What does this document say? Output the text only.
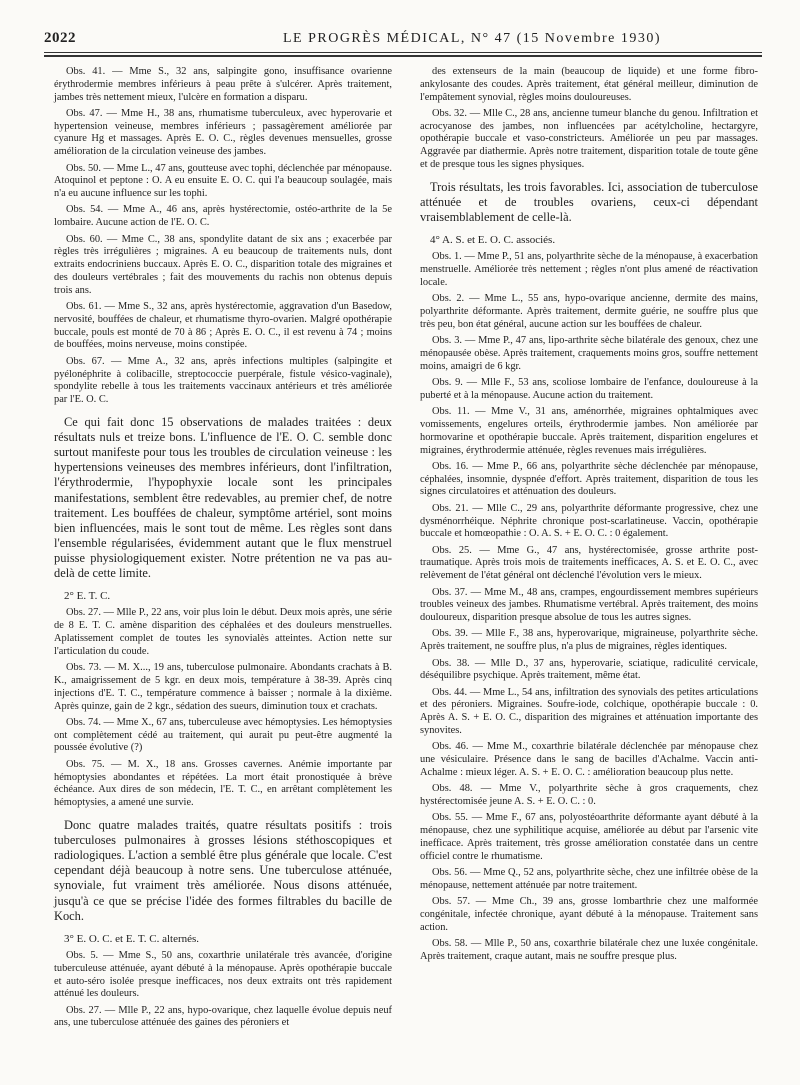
2022	LE PROGRÈS MÉDICAL, N° 47 (15 Novembre 1930)

Obs. 41. — Mme S., 32 ans, salpingite gono, insuffisance ovarienne érythrodermie membres inférieurs à peau prête à s'ulcérer. Après traitement, jambes très nettement mieux, l'ulcère en formation a disparu.

Obs. 47. — Mme H., 38 ans, rhumatisme tuberculeux, avec hyperovarie et hypertension veineuse, membres inférieurs ; passagèrement améliorée par cyanure Hg et massages. Après E. O. C., règles devenues mensuelles, grosse amélioration de la circulation veineuse des jambes.

Obs. 50. — Mme L., 47 ans, goutteuse avec tophi, déclenchée par ménopause. Atoquinol et peptone : O. A eu ensuite E. O. C. qui l'a beaucoup soulagée, mais n'a eu aucune influence sur les tophi.

Obs. 54. — Mme A., 46 ans, après hystérectomie, ostéo-arthrite de la 5e lombaire. Aucune action de l'E. O. C.

Obs. 60. — Mme C., 38 ans, spondylite datant de six ans ; exacerbée par règles très irrégulières ; migraines. A eu beaucoup de traitements nuls, dont extraits endocriniens buccaux. Après E. O. C., disparition totale des migraines et des douleurs vertébrales ; fait des mouvements du rachis non obtenus depuis trois ans.

Obs. 61. — Mme S., 32 ans, après hystérectomie, aggravation d'un Basedow, nervosité, bouffées de chaleur, et rhumatisme thyro-ovarien. Malgré opothérapie buccale, pouls est monté de 70 à 86 ; Après E. O. C., il est revenu à 74 ; moins de bouffées, moins nerveuse, moins constipée.

Obs. 67. — Mme A., 32 ans, après infections multiples (salpingite et pyélonéphrite à colibacille, streptococcie puerpérale, fistule vésico-vaginale), spondylite rebelle à tous les traitements vaccinaux antérieurs et très améliorée par l'E. O. C.

Ce qui fait donc 15 observations de malades traitées : deux résultats nuls et treize bons. L'influence de l'E. O. C. semble donc surtout manifeste pour tous les troubles de circulation veineuse : les hypertensions veineuses des membres inférieurs, dont l'infiltration, l'érythrodermie, l'hypophyxie locale sont les principales manifestations, semblent être redevables, au premier chef, de notre traitement. Les bouffées de chaleur, symptôme artériel, sont moins bien influencées, mais le sont tout de même. Les règles sont dans l'ensemble régularisées, évidemment autant que le flux menstruel puisse physiologiquement exister. Notre prétention ne va pas au-delà de cette limite.

2° E. T. C.

Obs. 27. — Mlle P., 22 ans, voir plus loin le début. Deux mois après, une série de 8 E. T. C. amène disparition des céphalées et des douleurs menstruelles. Aplatissement complet de toutes les synovialès atteintes. Action nette sur l'articulation du coude.

Obs. 73. — M. X..., 19 ans, tuberculose pulmonaire. Abondants crachats à B. K., amaigrissement de 5 kgr. en deux mois, température à 38-39. Après cinq injections d'E. T. C., température commence à baisser ; normale à la dixième. Après quinze, gain de 2 kgr., sédation des sueurs, diminution toux et crachats.

Obs. 74. — Mme X., 67 ans, tuberculeuse avec hémoptysies. Les hémoptysies ont complètement cédé au traitement, qui aurait pu peut-être augmenté la poussée évolutive (?)

Obs. 75. — M. X., 18 ans. Grosses cavernes. Anémie importante par hémoptysies abondantes et répétées. La mort était pronostiquée à brève échéance. Aux dires de son médecin, l'E. T. C., en arrêtant complètement les hémoptysies, a amené une survie.

Donc quatre malades traités, quatre résultats positifs : trois tuberculoses pulmonaires à grosses lésions stéthoscopiques et radiologiques. L'action a semblé être plus générale que locale. C'est cependant déjà beaucoup à notre sens. Une tuberculose atténuée, synoviale, fut vraiment très améliorée. Nous disons atténuée, jusqu'à ce que se précise l'idée des formes filtrables du bacille de Koch.

3° E. O. C. et E. T. C. alternés.

Obs. 5. — Mme S., 50 ans, coxarthrie unilatérale très avancée, d'origine tuberculeuse atténuée, ayant débuté à la ménopause. Après opothérapie buccale et auto-séro isolée presque inefficaces, nos deux extraits ont très rapidement atténué les douleurs.

Obs. 27. — Mlle P., 22 ans, hypo-ovarique, chez laquelle évolue depuis neuf ans, une tuberculose atténuée des gaines des péroniers et

des extenseurs de la main (beaucoup de liquide) et une forme fibro-ankylosante des coudes. Après traitement, état général meilleur, diminution de l'empâtement synovial, règles moins douloureuses.

Obs. 32. — Mlle C., 28 ans, ancienne tumeur blanche du genou. Infiltration et acrocyanose des jambes, non influencées par acétylcholine, hectargyre, opothérapie buccale et vaso-constricteurs. Améliorée un peu par massages. Aggravée par diathermie. Après notre traitement, disparition totale de toute gêne et de presque tous les signes physiques.

Trois résultats, les trois favorables. Ici, association de tuberculose atténuée et de troubles ovariens, ceux-ci dépendant vraisemblablement de celle-là.

4° A. S. et E. O. C. associés.

Obs. 1. — Mme P., 51 ans, polyarthrite sèche de la ménopause, à exacerbation menstruelle. Améliorée très nettement ; règles n'ont plus amené de réactivation locale.

Obs. 2. — Mme L., 55 ans, hypo-ovarique ancienne, dermite des mains, polyarthrite déformante. Après traitement, dermite guérie, ne souffre plus que très peu, bon état général, aucune action sur les bouffées de chaleur.

Obs. 3. — Mme P., 47 ans, lipo-arthrite sèche bilatérale des genoux, chez une ménopausée obèse. Après traitement, craquements moins gros, souffre nettement moins, amaigri de 6 kgr.

Obs. 9. — Mlle F., 53 ans, scoliose lombaire de l'enfance, douloureuse à la puberté et à la ménopause. Aucune action du traitement.

Obs. 11. — Mme V., 31 ans, aménorrhée, migraines ophtalmiques avec vomissements, engelures orteils, érythrodermie jambes. Non améliorée par hormovarine et opothérapie buccale. Après traitement, disparition engelures et migraines, érythrodermie atténuée, règles revenues mais irrégulières.

Obs. 16. — Mme P., 66 ans, polyarthrite sèche déclenchée par ménopause, céphalées, insomnie, dyspnée d'effort. Après traitement, disparition de tous les signes circulatoires et atténuation des douleurs.

Obs. 21. — Mlle C., 29 ans, polyarthrite déformante progressive, chez une dysménorrhéique. Néphrite chronique post-scarlatineuse. Vaccin, opothérapie buccale et homœopathie : O. A. S. + E. O. C. : 0 également.

Obs. 25. — Mme G., 47 ans, hystérectomisée, grosse arthrite post-traumatique. Après trois mois de traitements inefficaces, A. S. et E. O. C., avec relèvement de l'état général ont déclenché l'évolution vers le mieux.

Obs. 37. — Mme M., 48 ans, crampes, engourdissement membres supérieurs troubles veineux des jambes. Rhumatisme vertébral. Après traitement, des moins douloureux, disparition presque absolue de tous les autres signes.

Obs. 39. — Mlle F., 38 ans, hyperovarique, migraineuse, polyarthrite sèche. Après traitement, ne souffre plus, n'a plus de migraines, règles identiques.

Obs. 38. — Mlle D., 37 ans, hyperovarie, sciatique, radiculité cervicale, déséquilibre psychique. Après traitement, même état.

Obs. 44. — Mme L., 54 ans, infiltration des synovials des petites articulations et des péroniers. Migraines. Soufre-iode, colchique, opothérapie buccale : 0. Après A. S. + E. O. C., disparition des migraines et atténuation importante des synovites.

Obs. 46. — Mme M., coxarthrie bilatérale déclenchée par ménopause chez une vésiculaire. Présence dans le sang de bacilles d'Achalme. Vaccin anti-Achalme : mieux léger. A. S. + E. O. C. : amélioration beaucoup plus nette.

Obs. 48. — Mme V., polyarthrite sèche à gros craquements, chez hystérectomisée jeune A. S. + E. O. C. : 0.

Obs. 55. — Mme F., 67 ans, polyostéoarthrite déformante ayant débuté à la ménopause, chez une syphilitique acquise, améliorée au début par l'arsenic vite inefficace. Après traitement, très grosse amélioration constatée dans un centre officiel contre le rhumatisme.

Obs. 56. — Mme Q., 52 ans, polyarthrite sèche, chez une infiltrée obèse de la ménopause, nettement atténuée par notre traitement.

Obs. 57. — Mme Ch., 39 ans, grosse lombarthrie chez une malformée congénitale, infectée chronique, ayant débuté à la ménopause. Traitement sans action.

Obs. 58. — Mlle P., 50 ans, coxarthrie bilatérale chez une luxée congénitale. Après traitement, craque autant, mais ne souffre presque plus.
